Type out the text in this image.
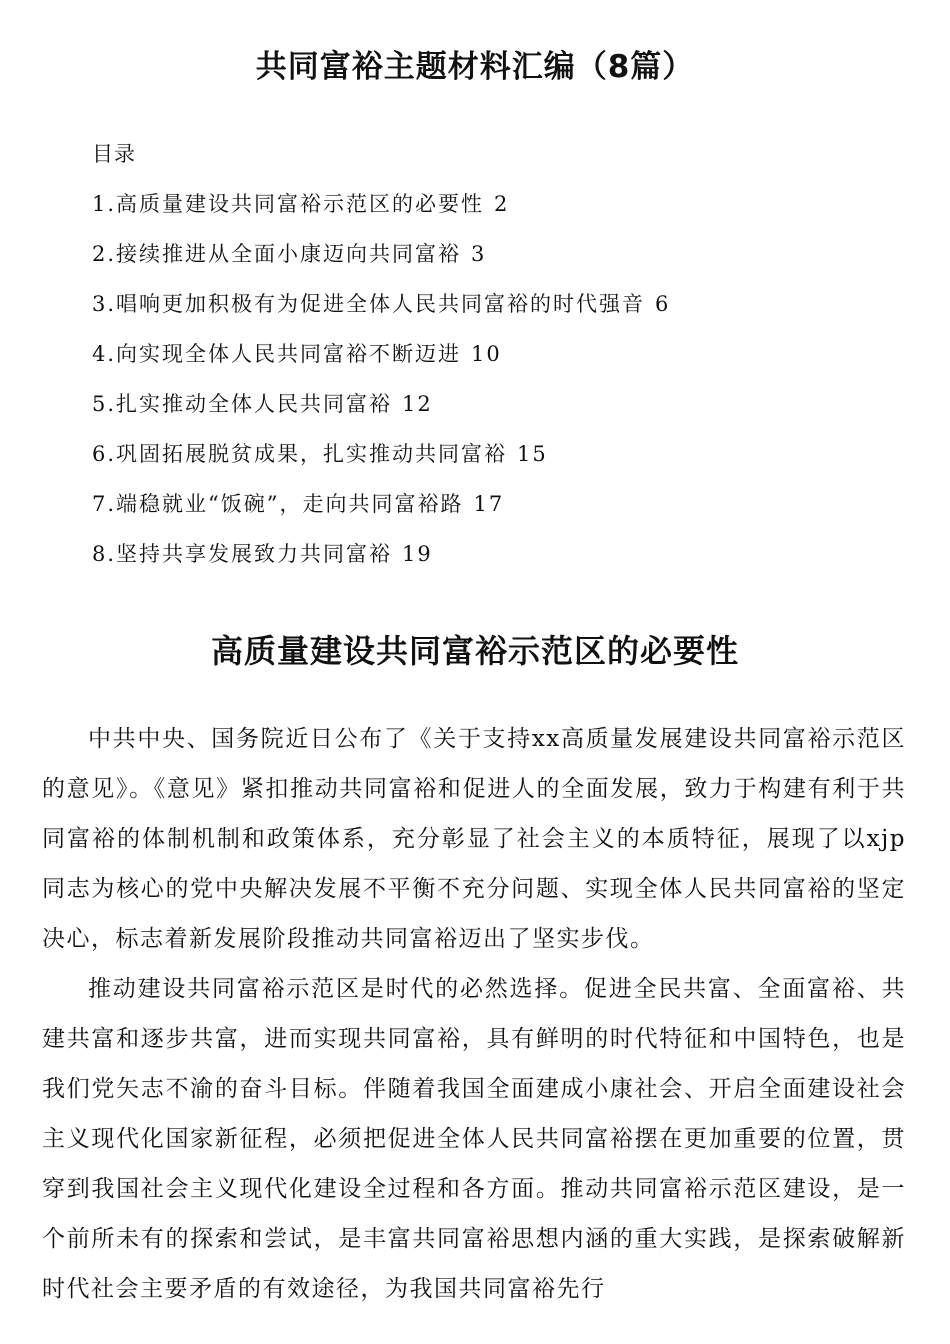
共同富裕主题材料汇编（8篇）
目录
1.高质量建设共同富裕示范区的必要性 2
2.接续推进从全面小康迈向共同富裕 3
3.唱响更加积极有为促进全体人民共同富裕的时代强音 6
4.向实现全体人民共同富裕不断迈进 10
5.扎实推动全体人民共同富裕 12
6.巩固拓展脱贫成果，扎实推动共同富裕 15
7.端稳就业“饭碗”，走向共同富裕路 17
8.坚持共享发展致力共同富裕 19
高质量建设共同富裕示范区的必要性

中共中央、国务院近日公布了《关于支持xx高质量发展建设共同富裕示范区的意见》。《意见》紧扣推动共同富裕和促进人的全面发展，致力于构建有利于共同富裕的体制机制和政策体系，充分彰显了社会主义的本质特征，展现了以xjp同志为核心的党中央解决发展不平衡不充分问题、实现全体人民共同富裕的坚定决心，标志着新发展阶段推动共同富裕迈出了坚实步伐。

推动建设共同富裕示范区是时代的必然选择。促进全民共富、全面富裕、共建共富和逐步共富，进而实现共同富裕，具有鲜明的时代特征和中国特色，也是我们党矢志不渝的奋斗目标。伴随着我国全面建成小康社会、开启全面建设社会主义现代化国家新征程，必须把促进全体人民共同富裕摆在更加重要的位置，贯穿到我国社会主义现代化建设全过程和各方面。推动共同富裕示范区建设，是一个前所未有的探索和尝试，是丰富共同富裕思想内涵的重大实践，是探索破解新时代社会主要矛盾的有效途径，为我国共同富裕先行
